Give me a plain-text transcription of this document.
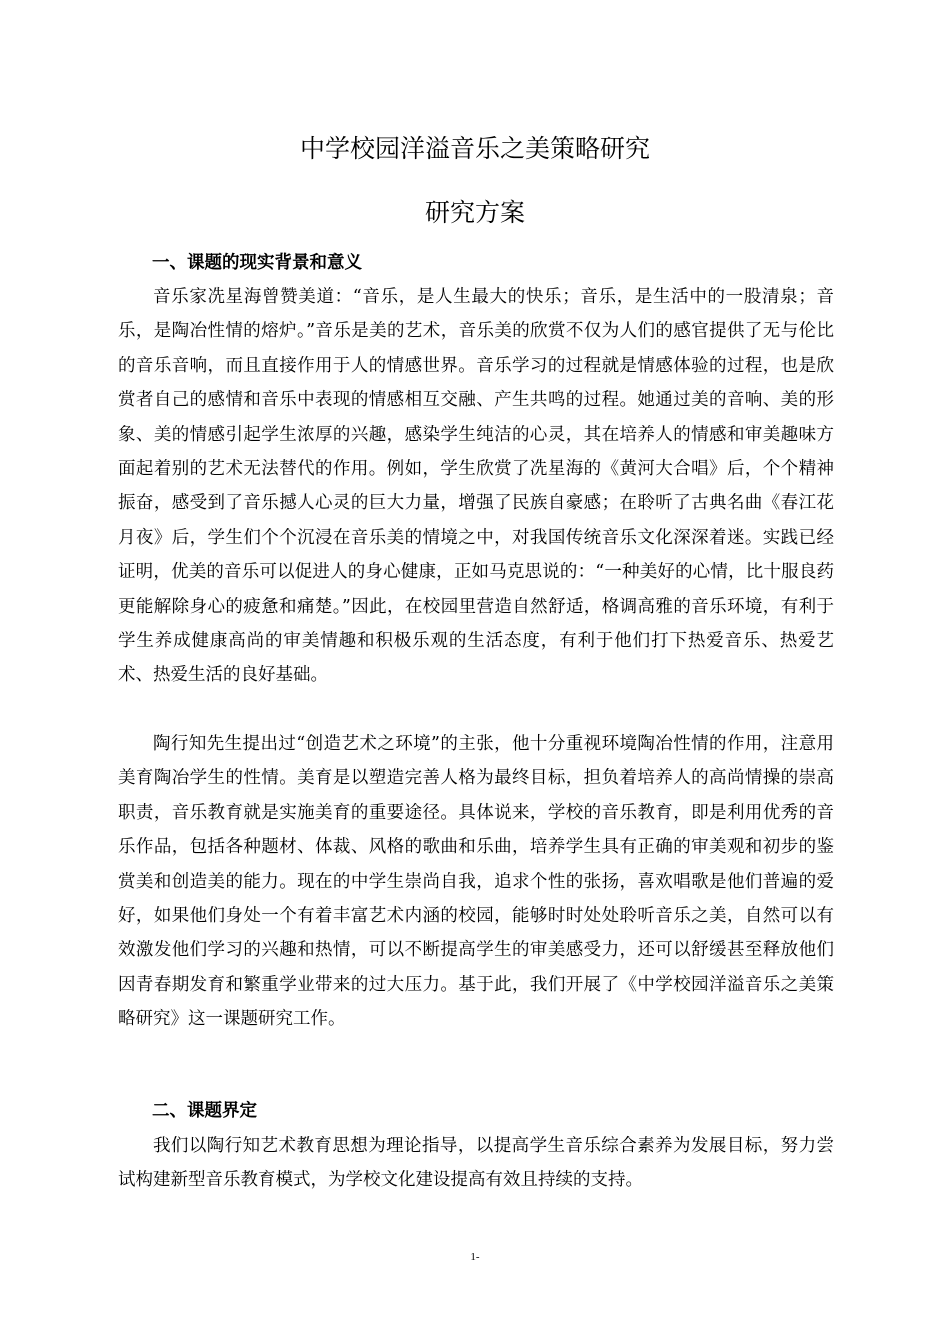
中学校园洋溢音乐之美策略研究
研究方案
一、课题的现实背景和意义

音乐家冼星海曾赞美道：“音乐，是人生最大的快乐；音乐，是生活中的一股清泉；音乐，是陶冶性情的熔炉。”音乐是美的艺术，音乐美的欣赏不仅为人们的感官提供了无与伦比的音乐音响，而且直接作用于人的情感世界。音乐学习的过程就是情感体验的过程，也是欣赏者自己的感情和音乐中表现的情感相互交融、产生共鸣的过程。她通过美的音响、美的形象、美的情感引起学生浓厚的兴趣，感染学生纯洁的心灵，其在培养人的情感和审美趣味方面起着别的艺术无法替代的作用。例如，学生欣赏了冼星海的《黄河大合唱》后，个个精神振奋，感受到了音乐撼人心灵的巨大力量，增强了民族自豪感；在聆听了古典名曲《春江花月夜》后，学生们个个沉浸在音乐美的情境之中，对我国传统音乐文化深深着迷。实践已经证明，优美的音乐可以促进人的身心健康，正如马克思说的：“一种美好的心情，比十服良药更能解除身心的疲惫和痛楚。”因此，在校园里营造自然舒适，格调高雅的音乐环境，有利于学生养成健康高尚的审美情趣和积极乐观的生活态度，有利于他们打下热爱音乐、热爱艺术、热爱生活的良好基础。

陶行知先生提出过“创造艺术之环境”的主张，他十分重视环境陶冶性情的作用，注意用美育陶冶学生的性情。美育是以塑造完善人格为最终目标，担负着培养人的高尚情操的崇高职责，音乐教育就是实施美育的重要途径。具体说来，学校的音乐教育，即是利用优秀的音乐作品，包括各种题材、体裁、风格的歌曲和乐曲，培养学生具有正确的审美观和初步的鉴赏美和创造美的能力。现在的中学生崇尚自我，追求个性的张扬，喜欢唱歌是他们普遍的爱好，如果他们身处一个有着丰富艺术内涵的校园，能够时时处处聆听音乐之美，自然可以有效激发他们学习的兴趣和热情，可以不断提高学生的审美感受力，还可以舒缓甚至释放他们因青春期发育和繁重学业带来的过大压力。基于此，我们开展了《中学校园洋溢音乐之美策略研究》这一课题研究工作。

二、课题界定

我们以陶行知艺术教育思想为理论指导，以提高学生音乐综合素养为发展目标，努力尝试构建新型音乐教育模式，为学校文化建设提高有效且持续的支持。

1-
